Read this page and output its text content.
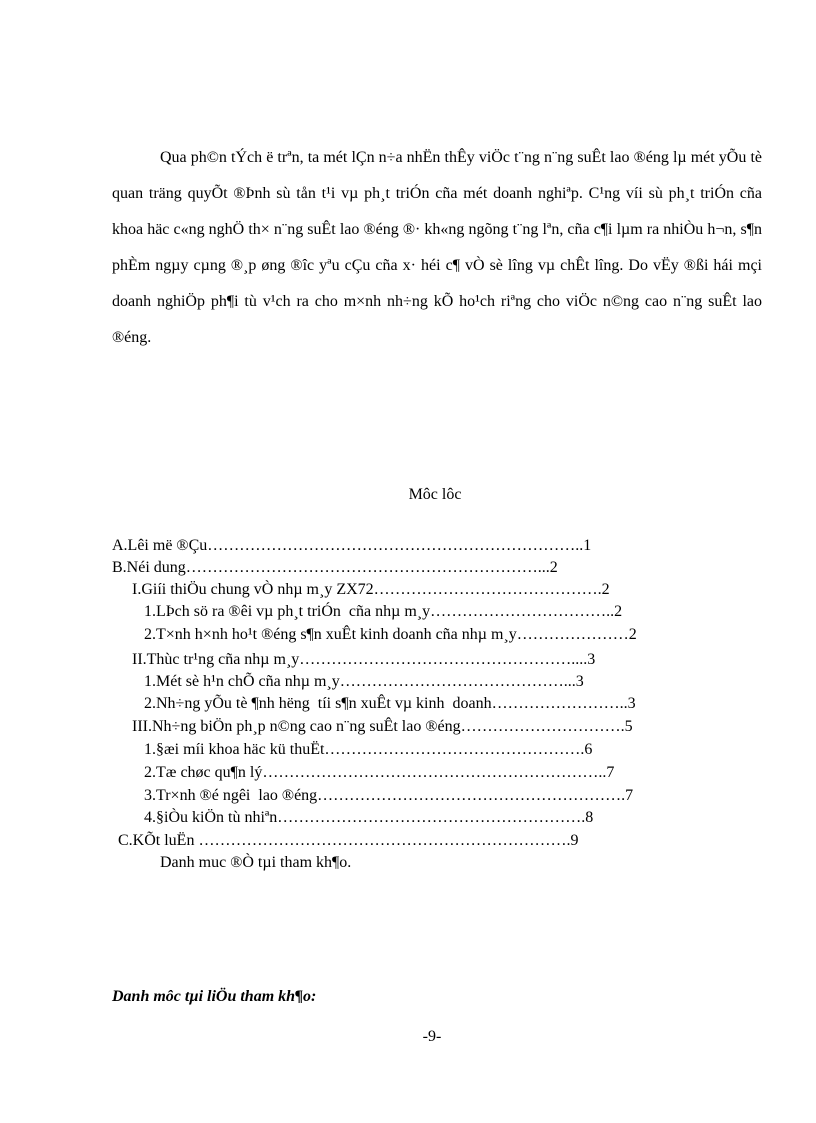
Qua ph©n tÝch ë trªn, ta mét lÇn n÷a nhËn thÊy viÖc t¨ng n¨ng suÊt lao ®éng lµ mét yÕu tè quan träng quyÕt ®Þnh sù tån t¹i vµ ph¸t triÓn cña mét doanh nghiªp. C¹ng víi sù ph¸t triÓn cña khoa häc c«ng nghÖ th× n¨ng suÊt lao ®éng ®· kh«ng ngõng t¨ng lªn, cña c¶i lµm ra nhiÒu h¬n, s¶n phÈm ngµy cµng ®¸p øng ®îc yªu cÇu cña x· héi c¶ vÒ sè lîng vµ chÊt lîng. Do vËy ®ßi hái mçi doanh nghiÖp ph¶i tù v¹ch ra cho m×nh nh÷ng kÕ ho¹ch riªng cho viÖc n©ng cao n¨ng suÊt lao ®éng.
Môc lôc
A.Lêi më ®Çu……………………………………………………………..1
B.Néi dung…………………………………………………………...2
I.Giíi thiÖu chung vÒ nhµ m¸y ZX72…………………………………….2
1.LÞch sö ra ®êi vµ ph¸t triÓn  cña nhµ m¸y……………………………..2
2.T×nh h×nh ho¹t ®éng s¶n xuÊt kinh doanh cña nhµ m¸y…………………2
II.Thùc tr¹ng cña nhµ m¸y……………………………………………....3
1.Mét sè h¹n chÕ cña nhµ m¸y……………………………………...3
2.Nh÷ng yÕu tè ¶nh hëng  tíi s¶n xuÊt vµ kinh  doanh……………………..3
III.Nh÷ng biÖn ph¸p n©ng cao n¨ng suÊt lao ®éng………………………….5
1.§æi míi khoa häc kü thuËt………………………………………….6
2.Tæ chøc qu¶n lý………………………………………………………..7
3.Tr×nh ®é ngêi  lao ®éng………………………………………………….7
4.§iÒu kiÖn tù nhiªn………………………………………………….8
C.KÕt luËn …………………………………………………………….9
Danh muc ®Ò tµi tham kh¶o.
Danh môc tµi liÖu tham kh¶o:
-9-
